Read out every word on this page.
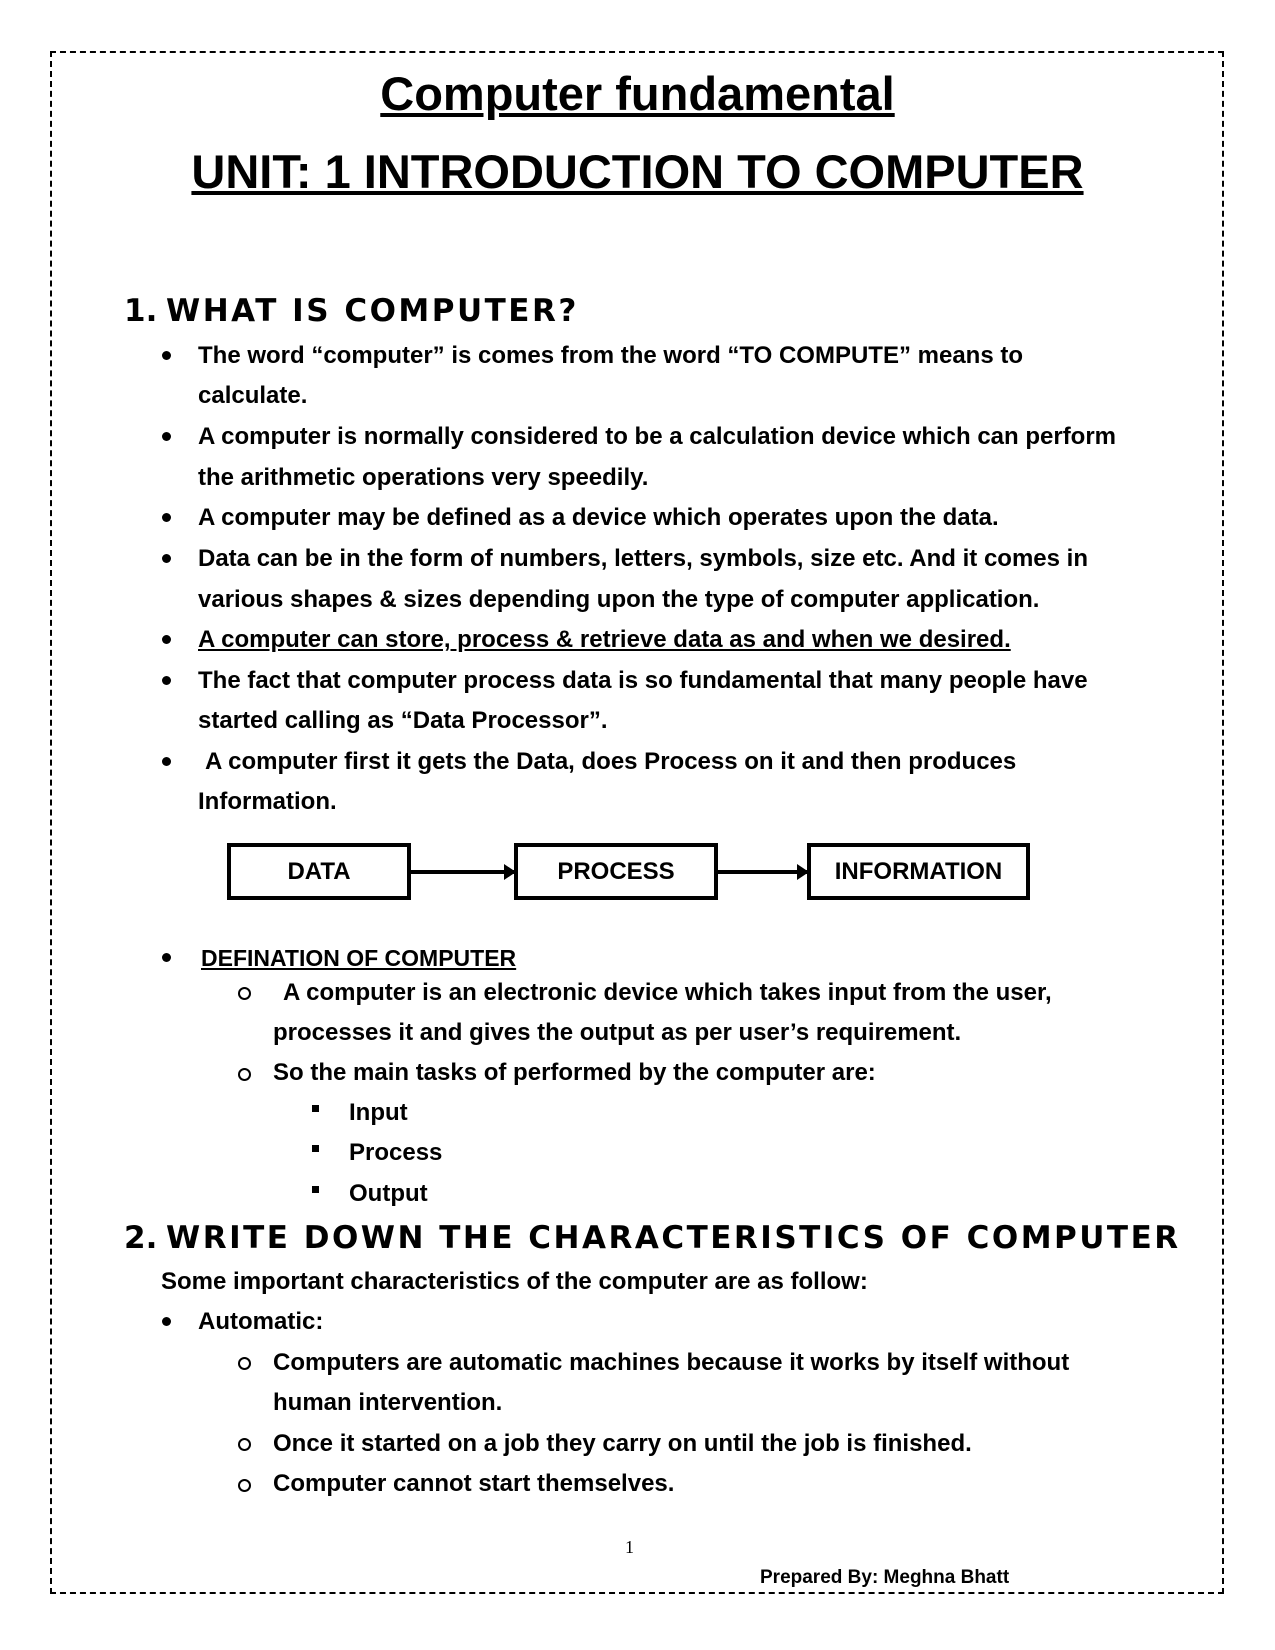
Computer fundamental
UNIT: 1 INTRODUCTION TO COMPUTER
1. WHAT IS COMPUTER?
The word “computer” is comes from the word “TO COMPUTE” means to
calculate.
A computer is normally considered to be a calculation device which can perform
the arithmetic operations very speedily.
A computer may be defined as a device which operates upon the data.
Data can be in the form of numbers, letters, symbols, size etc. And it comes in
various shapes & sizes depending upon the type of computer application.
A computer can store, process & retrieve data as and when we desired.
The fact that computer process data is so fundamental that many people have
started calling as “Data Processor”.
A computer first it gets the Data, does Process on it and then produces
Information.
DATA	PROCESS	INFORMATION
DEFINATION OF COMPUTER
A computer is an electronic device which takes input from the user,
processes it and gives the output as per user’s requirement.
So the main tasks of performed by the computer are:
Input
Process
Output
2. WRITE DOWN THE CHARACTERISTICS OF COMPUTER
Some important characteristics of the computer are as follow:
Automatic:
Computers are automatic machines because it works by itself without
human intervention.
Once it started on a job they carry on until the job is finished.
Computer cannot start themselves.
1
Prepared By: Meghna Bhatt
